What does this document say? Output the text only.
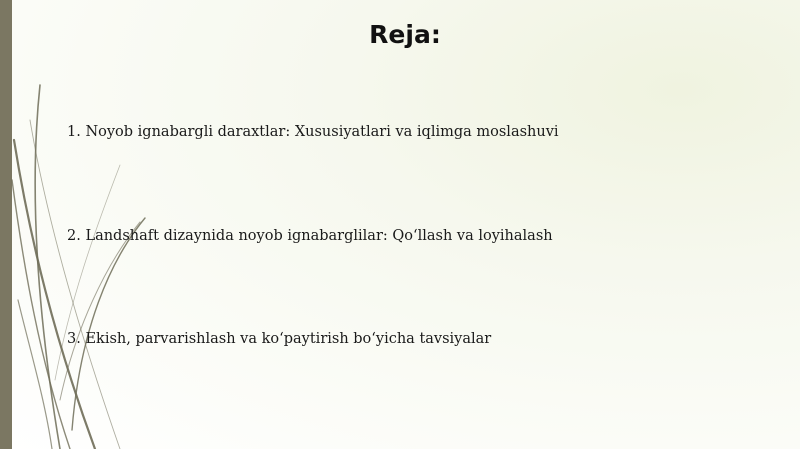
Reja:
1. Noyob ignabargli daraxtlar: Xususiyatlari va iqlimga moslashuvi
2. Landshaft dizaynida noyob ignabarglilar: Qo‘llash va loyihalash
3. Ekish, parvarishlash va ko‘paytirish bo‘yicha tavsiyalar
